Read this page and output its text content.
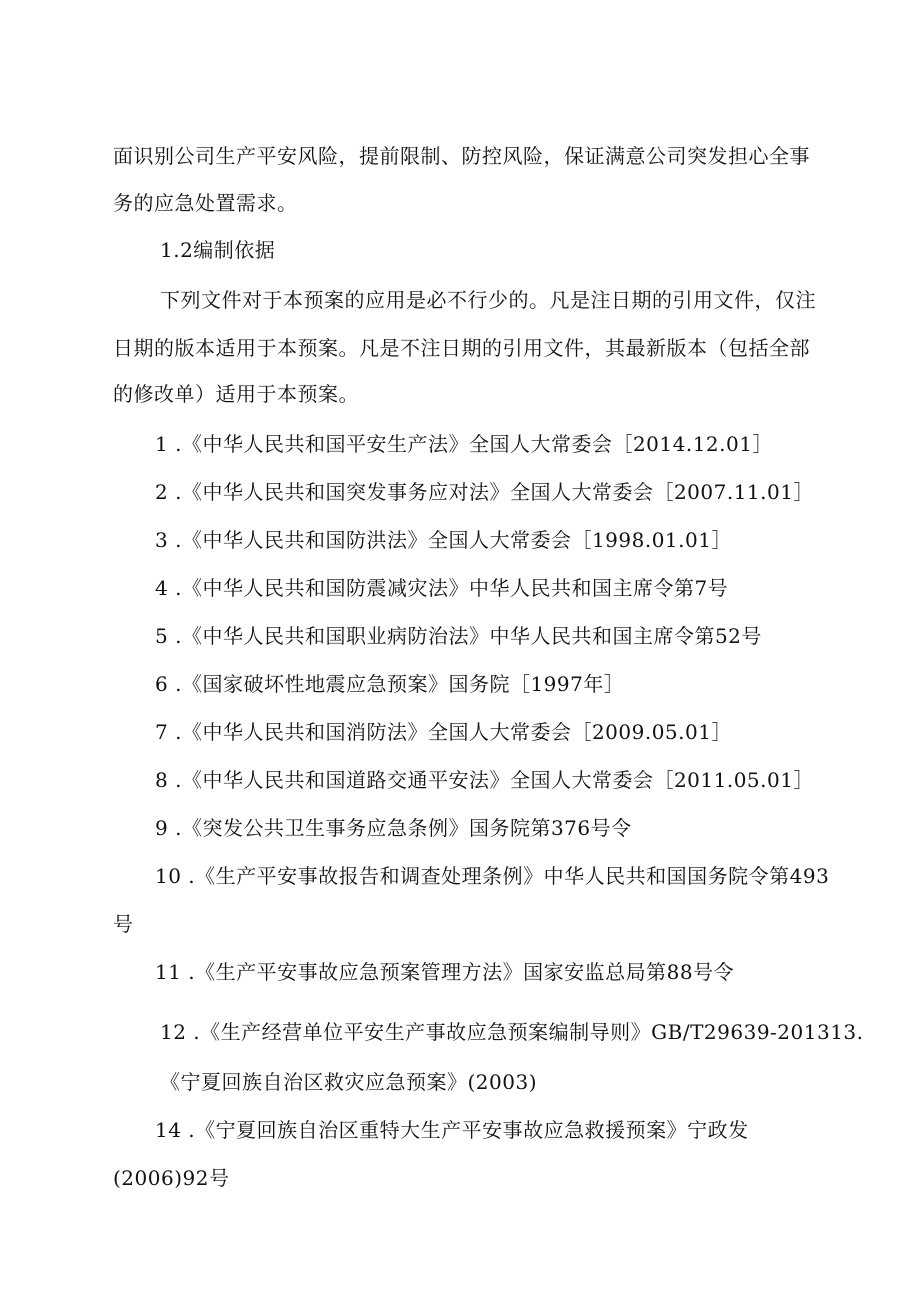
面识别公司生产平安风险，提前限制、防控风险，保证满意公司突发担心全事
务的应急处置需求。
1.2编制依据
下列文件对于本预案的应用是必不行少的。凡是注日期的引用文件，仅注
日期的版本适用于本预案。凡是不注日期的引用文件，其最新版本（包括全部
的修改单）适用于本预案。
1 .《中华人民共和国平安生产法》全国人大常委会［2014.12.01］
2 .《中华人民共和国突发事务应对法》全国人大常委会［2007.11.01］
3 .《中华人民共和国防洪法》全国人大常委会［1998.01.01］
4 .《中华人民共和国防震减灾法》中华人民共和国主席令第7号
5 .《中华人民共和国职业病防治法》中华人民共和国主席令第52号
6 .《国家破坏性地震应急预案》国务院［1997年］
7 .《中华人民共和国消防法》全国人大常委会［2009.05.01］
8 .《中华人民共和国道路交通平安法》全国人大常委会［2011.05.01］
9 .《突发公共卫生事务应急条例》国务院第376号令
10 .《生产平安事故报告和调查处理条例》中华人民共和国国务院令第493
号
11 .《生产平安事故应急预案管理方法》国家安监总局第88号令
12 .《生产经营单位平安生产事故应急预案编制导则》GB/T29639-201313.
《宁夏回族自治区救灾应急预案》(2003)
14 .《宁夏回族自治区重特大生产平安事故应急救援预案》宁政发
(2006)92号
